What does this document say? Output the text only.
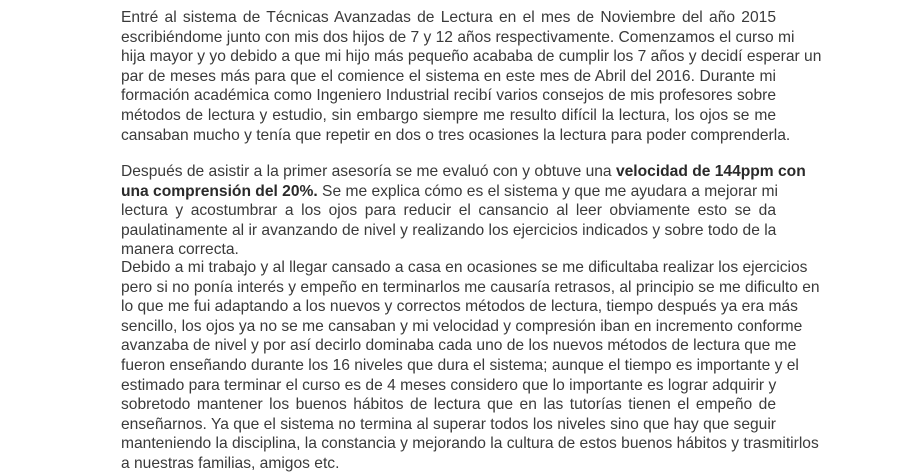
Entré al sistema de Técnicas Avanzadas de Lectura en el mes de Noviembre del año 2015
escribiéndome junto con mis dos hijos de 7 y 12 años respectivamente. Comenzamos el curso mi
hija mayor y yo debido a que mi hijo más pequeño acababa de cumplir los 7 años y decidí esperar un
par de meses más para que el comience el sistema en este mes de Abril del 2016. Durante mi
formación académica como Ingeniero Industrial recibí varios consejos de mis profesores sobre
métodos de lectura y estudio, sin embargo siempre me resulto difícil la lectura, los ojos se me
cansaban mucho y tenía que repetir en dos o tres ocasiones la lectura para poder comprenderla.
Después de asistir a la primer asesoría se me evaluó con y obtuve una velocidad de 144ppm con
una comprensión del 20%. Se me explica cómo es el sistema y que me ayudara a mejorar mi
lectura y acostumbrar a los ojos para reducir el cansancio al leer obviamente esto se da
paulatinamente al ir avanzando de nivel y realizando los ejercicios indicados y sobre todo de la
manera correcta.
Debido a mi trabajo y al llegar cansado a casa en ocasiones se me dificultaba realizar los ejercicios
pero si no ponía interés y empeño en terminarlos me causaría retrasos, al principio se me dificulto en
lo que me fui adaptando a los nuevos y correctos métodos de lectura, tiempo después ya era más
sencillo, los ojos ya no se me cansaban y mi velocidad y compresión iban en incremento conforme
avanzaba de nivel y por así decirlo dominaba cada uno de los nuevos métodos de lectura que me
fueron enseñando durante los 16 niveles que dura el sistema; aunque el tiempo es importante y el
estimado para terminar el curso es de 4 meses considero que lo importante es lograr adquirir y
sobretodo mantener los buenos hábitos de lectura que en las tutorías tienen el empeño de
enseñarnos. Ya que el sistema no termina al superar todos los niveles sino que hay que seguir
manteniendo la disciplina, la constancia y mejorando la cultura de estos buenos hábitos y trasmitirlos
a nuestras familias, amigos etc.
